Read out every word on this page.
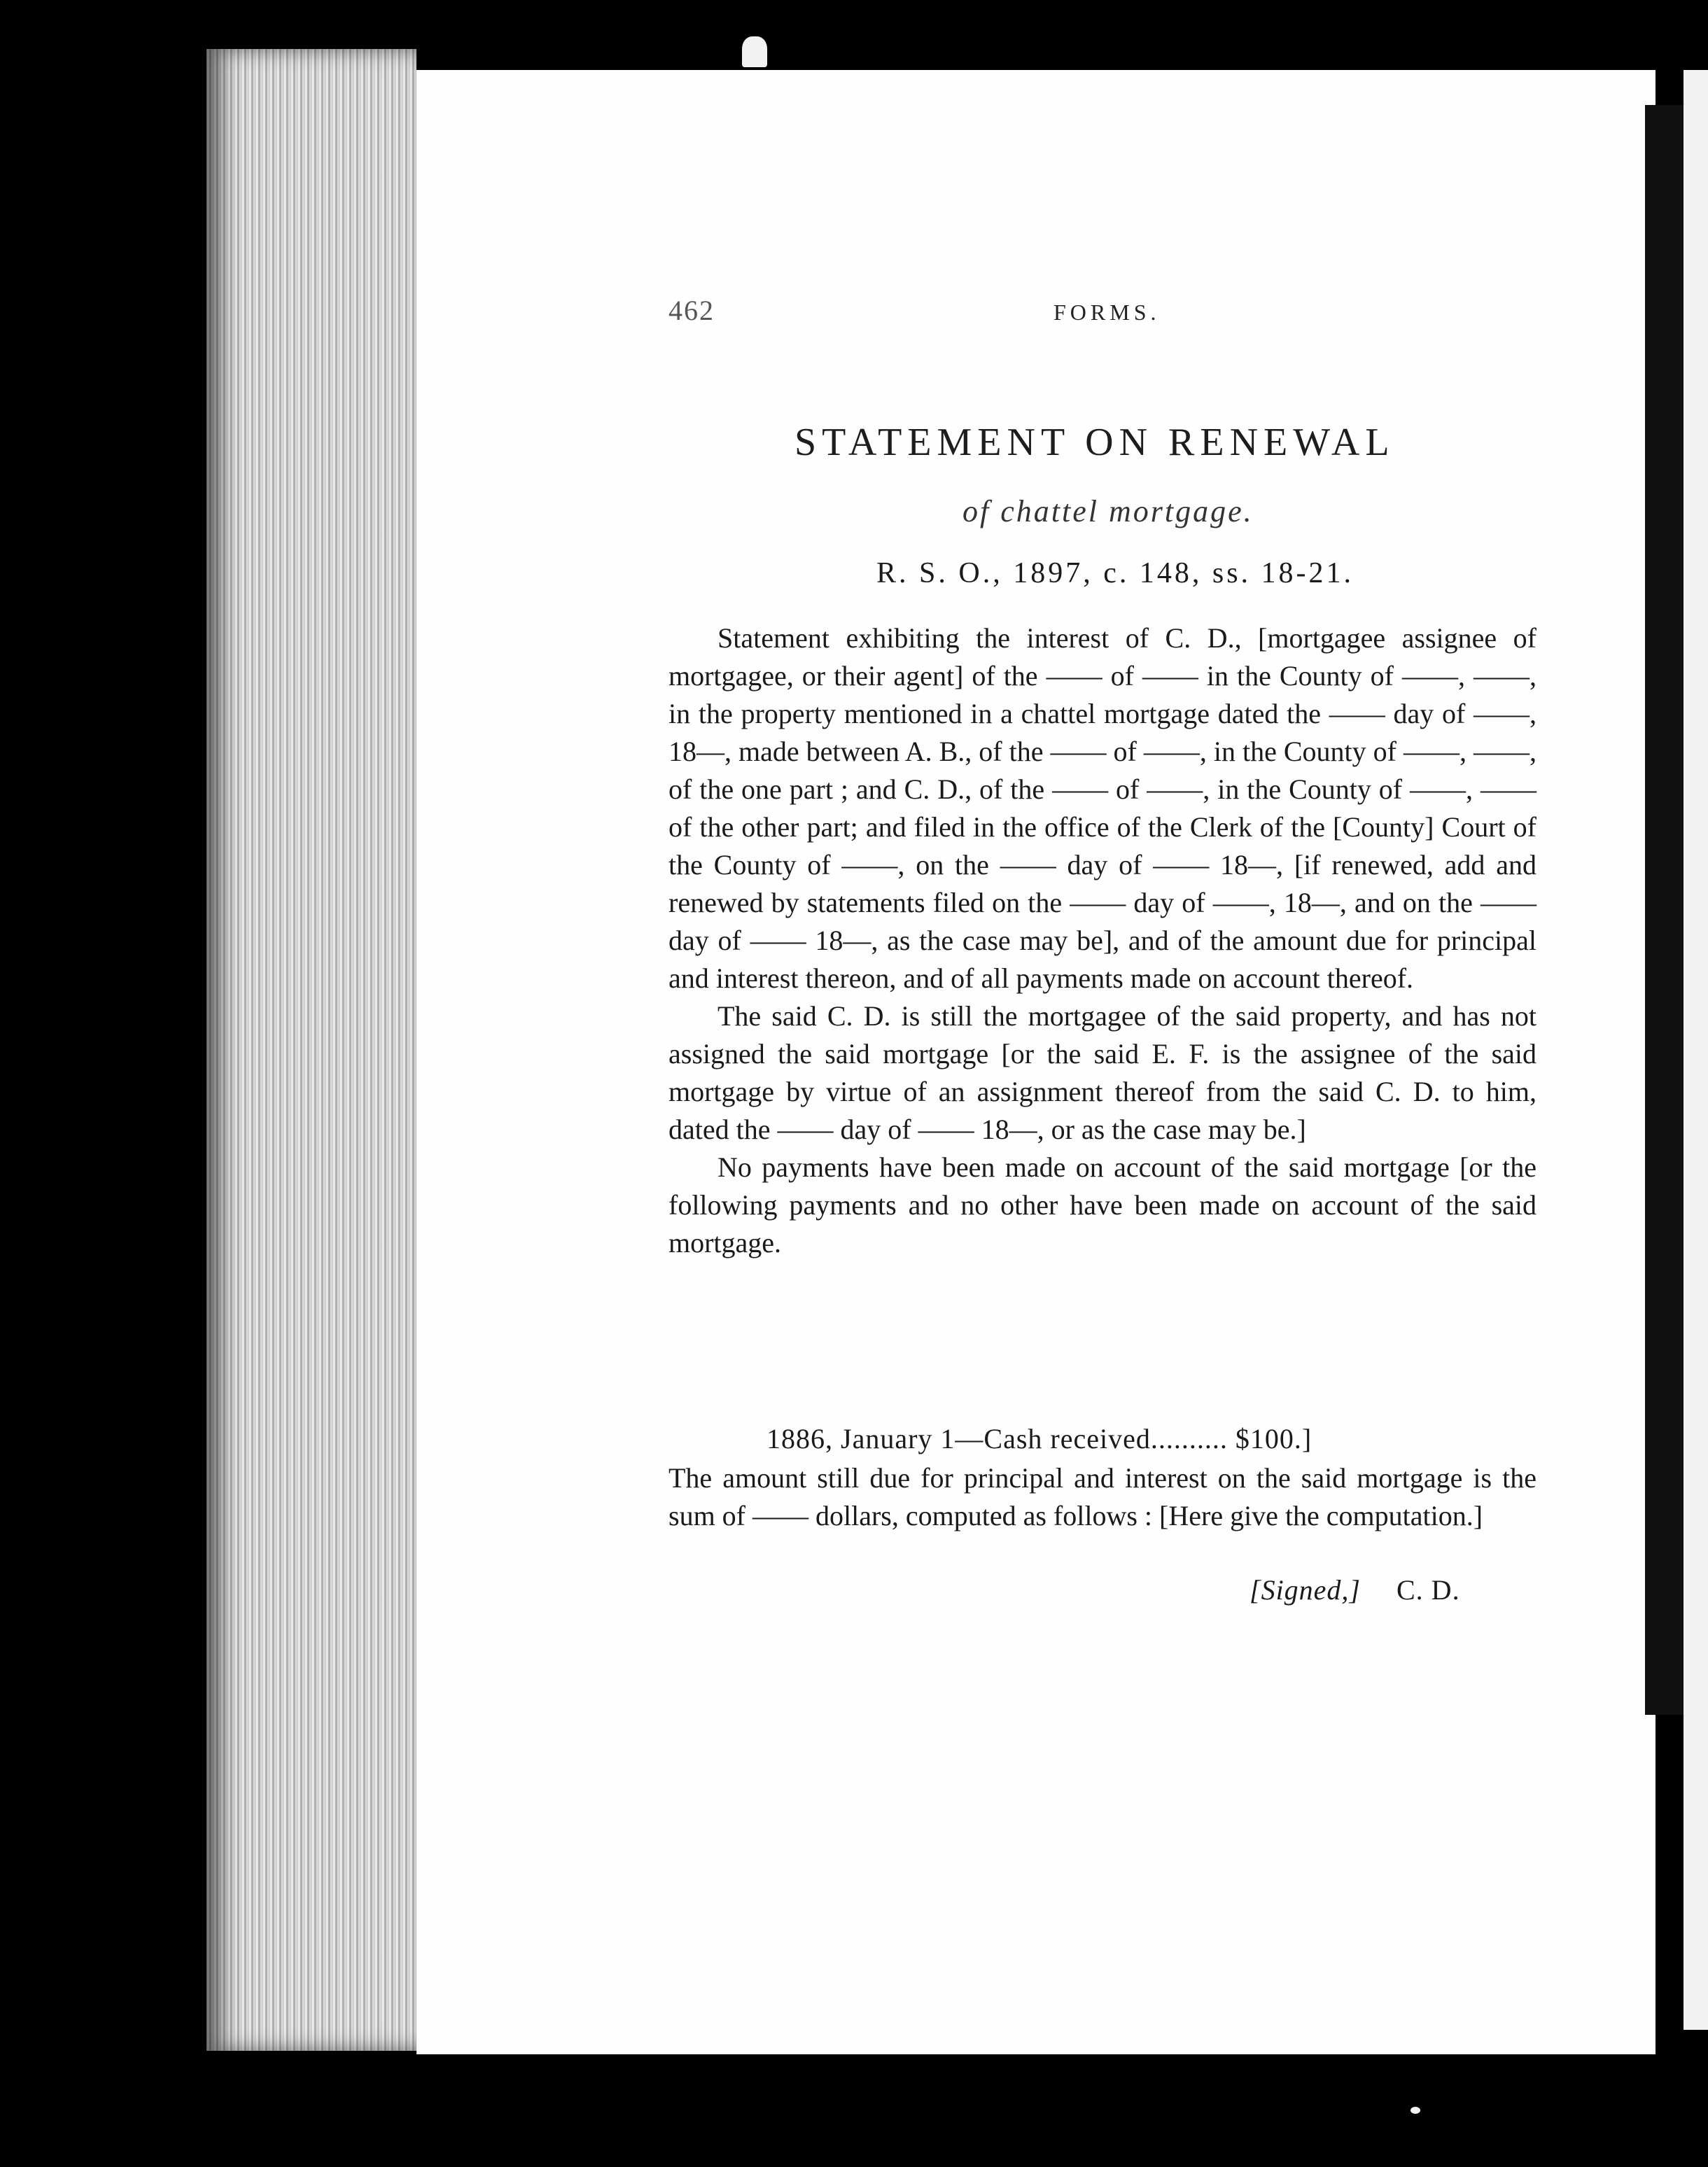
462	FORMS.
STATEMENT ON RENEWAL
of chattel mortgage.
R. S. O., 1897, c. 148, ss. 18-21.

Statement exhibiting the interest of C. D., [mortgagee assignee of mortgagee, or their agent] of the —— of —— in the County of ——, ——, in the property mentioned in a chattel mortgage dated the —— day of ——, 18—, made between A. B., of the —— of ——, in the County of ——, ——, of the one part ; and C. D., of the —— of ——, in the County of ——, —— of the other part; and filed in the office of the Clerk of the [County] Court of the County of ——, on the —— day of —— 18—, [if renewed, add and renewed by statements filed on the —— day of ——, 18—, and on the —— day of —— 18—, as the case may be], and of the amount due for principal and interest thereon, and of all payments made on account thereof.

The said C. D. is still the mortgagee of the said property, and has not assigned the said mortgage [or the said E. F. is the assignee of the said mortgage by virtue of an assignment thereof from the said C. D. to him, dated the —— day of —— 18—, or as the case may be.]

No payments have been made on account of the said mortgage [or the following payments and no other have been made on account of the said mortgage.

1886, January 1—Cash received.......... $100.]

The amount still due for principal and interest on the said mortgage is the sum of —— dollars, computed as follows : [Here give the computation.]

[Signed,] C. D.
